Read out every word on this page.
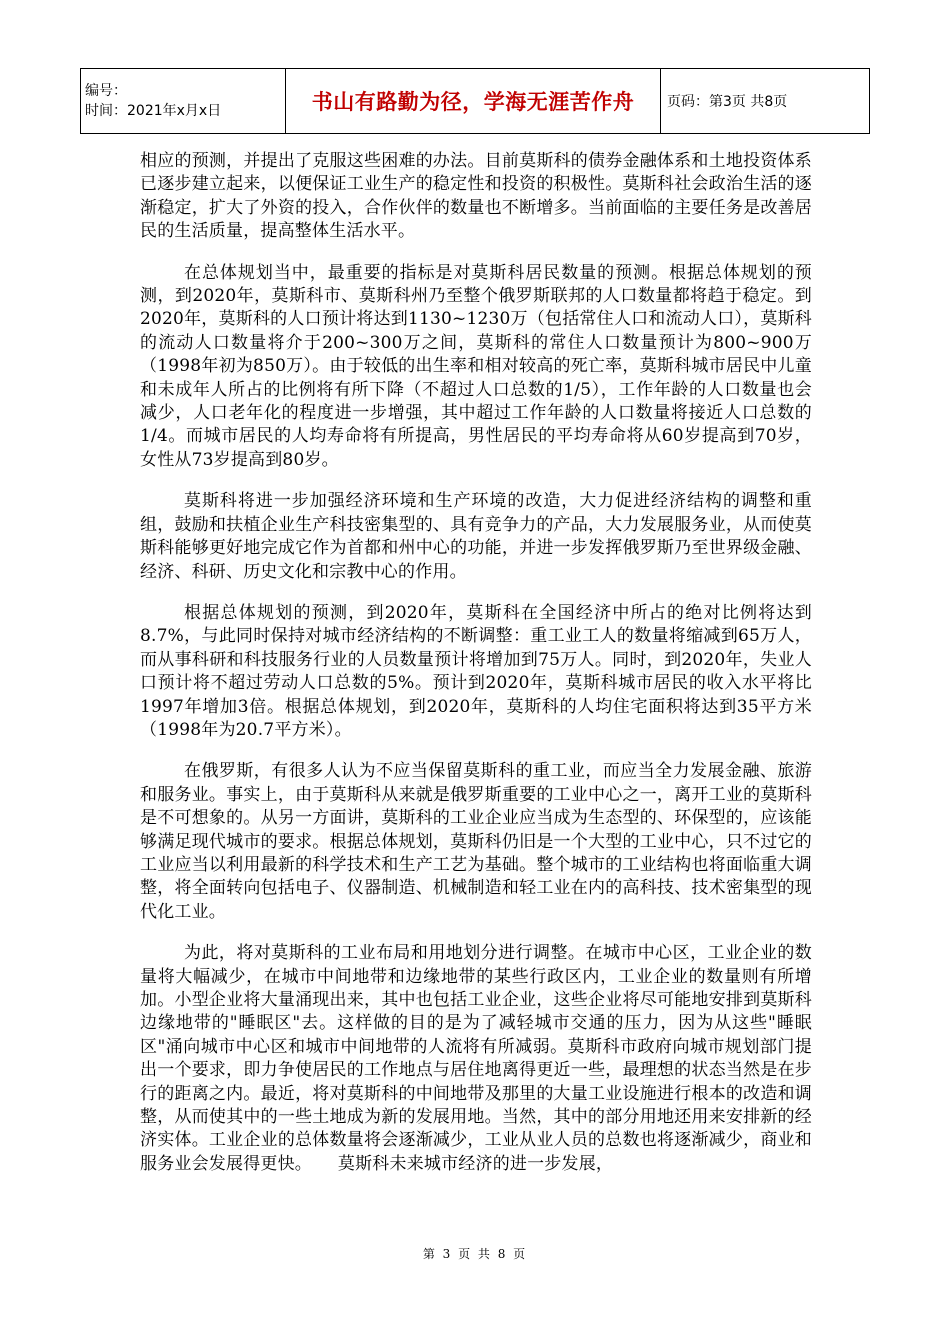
编号：
时间：2021年x月x日	书山有路勤为径，学海无涯苦作舟	页码：第3页 共8页

相应的预测，并提出了克服这些困难的办法。目前莫斯科的债券金融体系和土地投资体系已逐步建立起来，以便保证工业生产的稳定性和投资的积极性。莫斯科社会政治生活的逐渐稳定，扩大了外资的投入，合作伙伴的数量也不断增多。当前面临的主要任务是改善居民的生活质量，提高整体生活水平。

在总体规划当中，最重要的指标是对莫斯科居民数量的预测。根据总体规划的预测，到2020年，莫斯科市、莫斯科州乃至整个俄罗斯联邦的人口数量都将趋于稳定。到2020年，莫斯科的人口预计将达到1130~1230万（包括常住人口和流动人口），莫斯科的流动人口数量将介于200~300万之间，莫斯科的常住人口数量预计为800~900万（1998年初为850万）。由于较低的出生率和相对较高的死亡率，莫斯科城市居民中儿童和未成年人所占的比例将有所下降（不超过人口总数的1/5），工作年龄的人口数量也会减少，人口老年化的程度进一步增强，其中超过工作年龄的人口数量将接近人口总数的1/4。而城市居民的人均寿命将有所提高，男性居民的平均寿命将从60岁提高到70岁，女性从73岁提高到80岁。

莫斯科将进一步加强经济环境和生产环境的改造，大力促进经济结构的调整和重组，鼓励和扶植企业生产科技密集型的、具有竞争力的产品，大力发展服务业，从而使莫斯科能够更好地完成它作为首都和州中心的功能，并进一步发挥俄罗斯乃至世界级金融、经济、科研、历史文化和宗教中心的作用。

根据总体规划的预测，到2020年，莫斯科在全国经济中所占的绝对比例将达到8.7%，与此同时保持对城市经济结构的不断调整：重工业工人的数量将缩减到65万人，而从事科研和科技服务行业的人员数量预计将增加到75万人。同时，到2020年，失业人口预计将不超过劳动人口总数的5%。预计到2020年，莫斯科城市居民的收入水平将比1997年增加3倍。根据总体规划，到2020年，莫斯科的人均住宅面积将达到35平方米（1998年为20.7平方米）。

在俄罗斯，有很多人认为不应当保留莫斯科的重工业，而应当全力发展金融、旅游和服务业。事实上，由于莫斯科从来就是俄罗斯重要的工业中心之一，离开工业的莫斯科是不可想象的。从另一方面讲，莫斯科的工业企业应当成为生态型的、环保型的，应该能够满足现代城市的要求。根据总体规划，莫斯科仍旧是一个大型的工业中心，只不过它的工业应当以利用最新的科学技术和生产工艺为基础。整个城市的工业结构也将面临重大调整，将全面转向包括电子、仪器制造、机械制造和轻工业在内的高科技、技术密集型的现代化工业。

为此，将对莫斯科的工业布局和用地划分进行调整。在城市中心区，工业企业的数量将大幅减少，在城市中间地带和边缘地带的某些行政区内，工业企业的数量则有所增加。小型企业将大量涌现出来，其中也包括工业企业，这些企业将尽可能地安排到莫斯科边缘地带的"睡眠区"去。这样做的目的是为了减轻城市交通的压力，因为从这些"睡眠区"涌向城市中心区和城市中间地带的人流将有所减弱。莫斯科市政府向城市规划部门提出一个要求，即力争使居民的工作地点与居住地离得更近一些，最理想的状态当然是在步行的距离之内。最近，将对莫斯科的中间地带及那里的大量工业设施进行根本的改造和调整，从而使其中的一些土地成为新的发展用地。当然，其中的部分用地还用来安排新的经济实体。工业企业的总体数量将会逐渐减少，工业从业人员的总数也将逐渐减少，商业和服务业会发展得更快。　　莫斯科未来城市经济的进一步发展，

第 3 页 共 8 页
